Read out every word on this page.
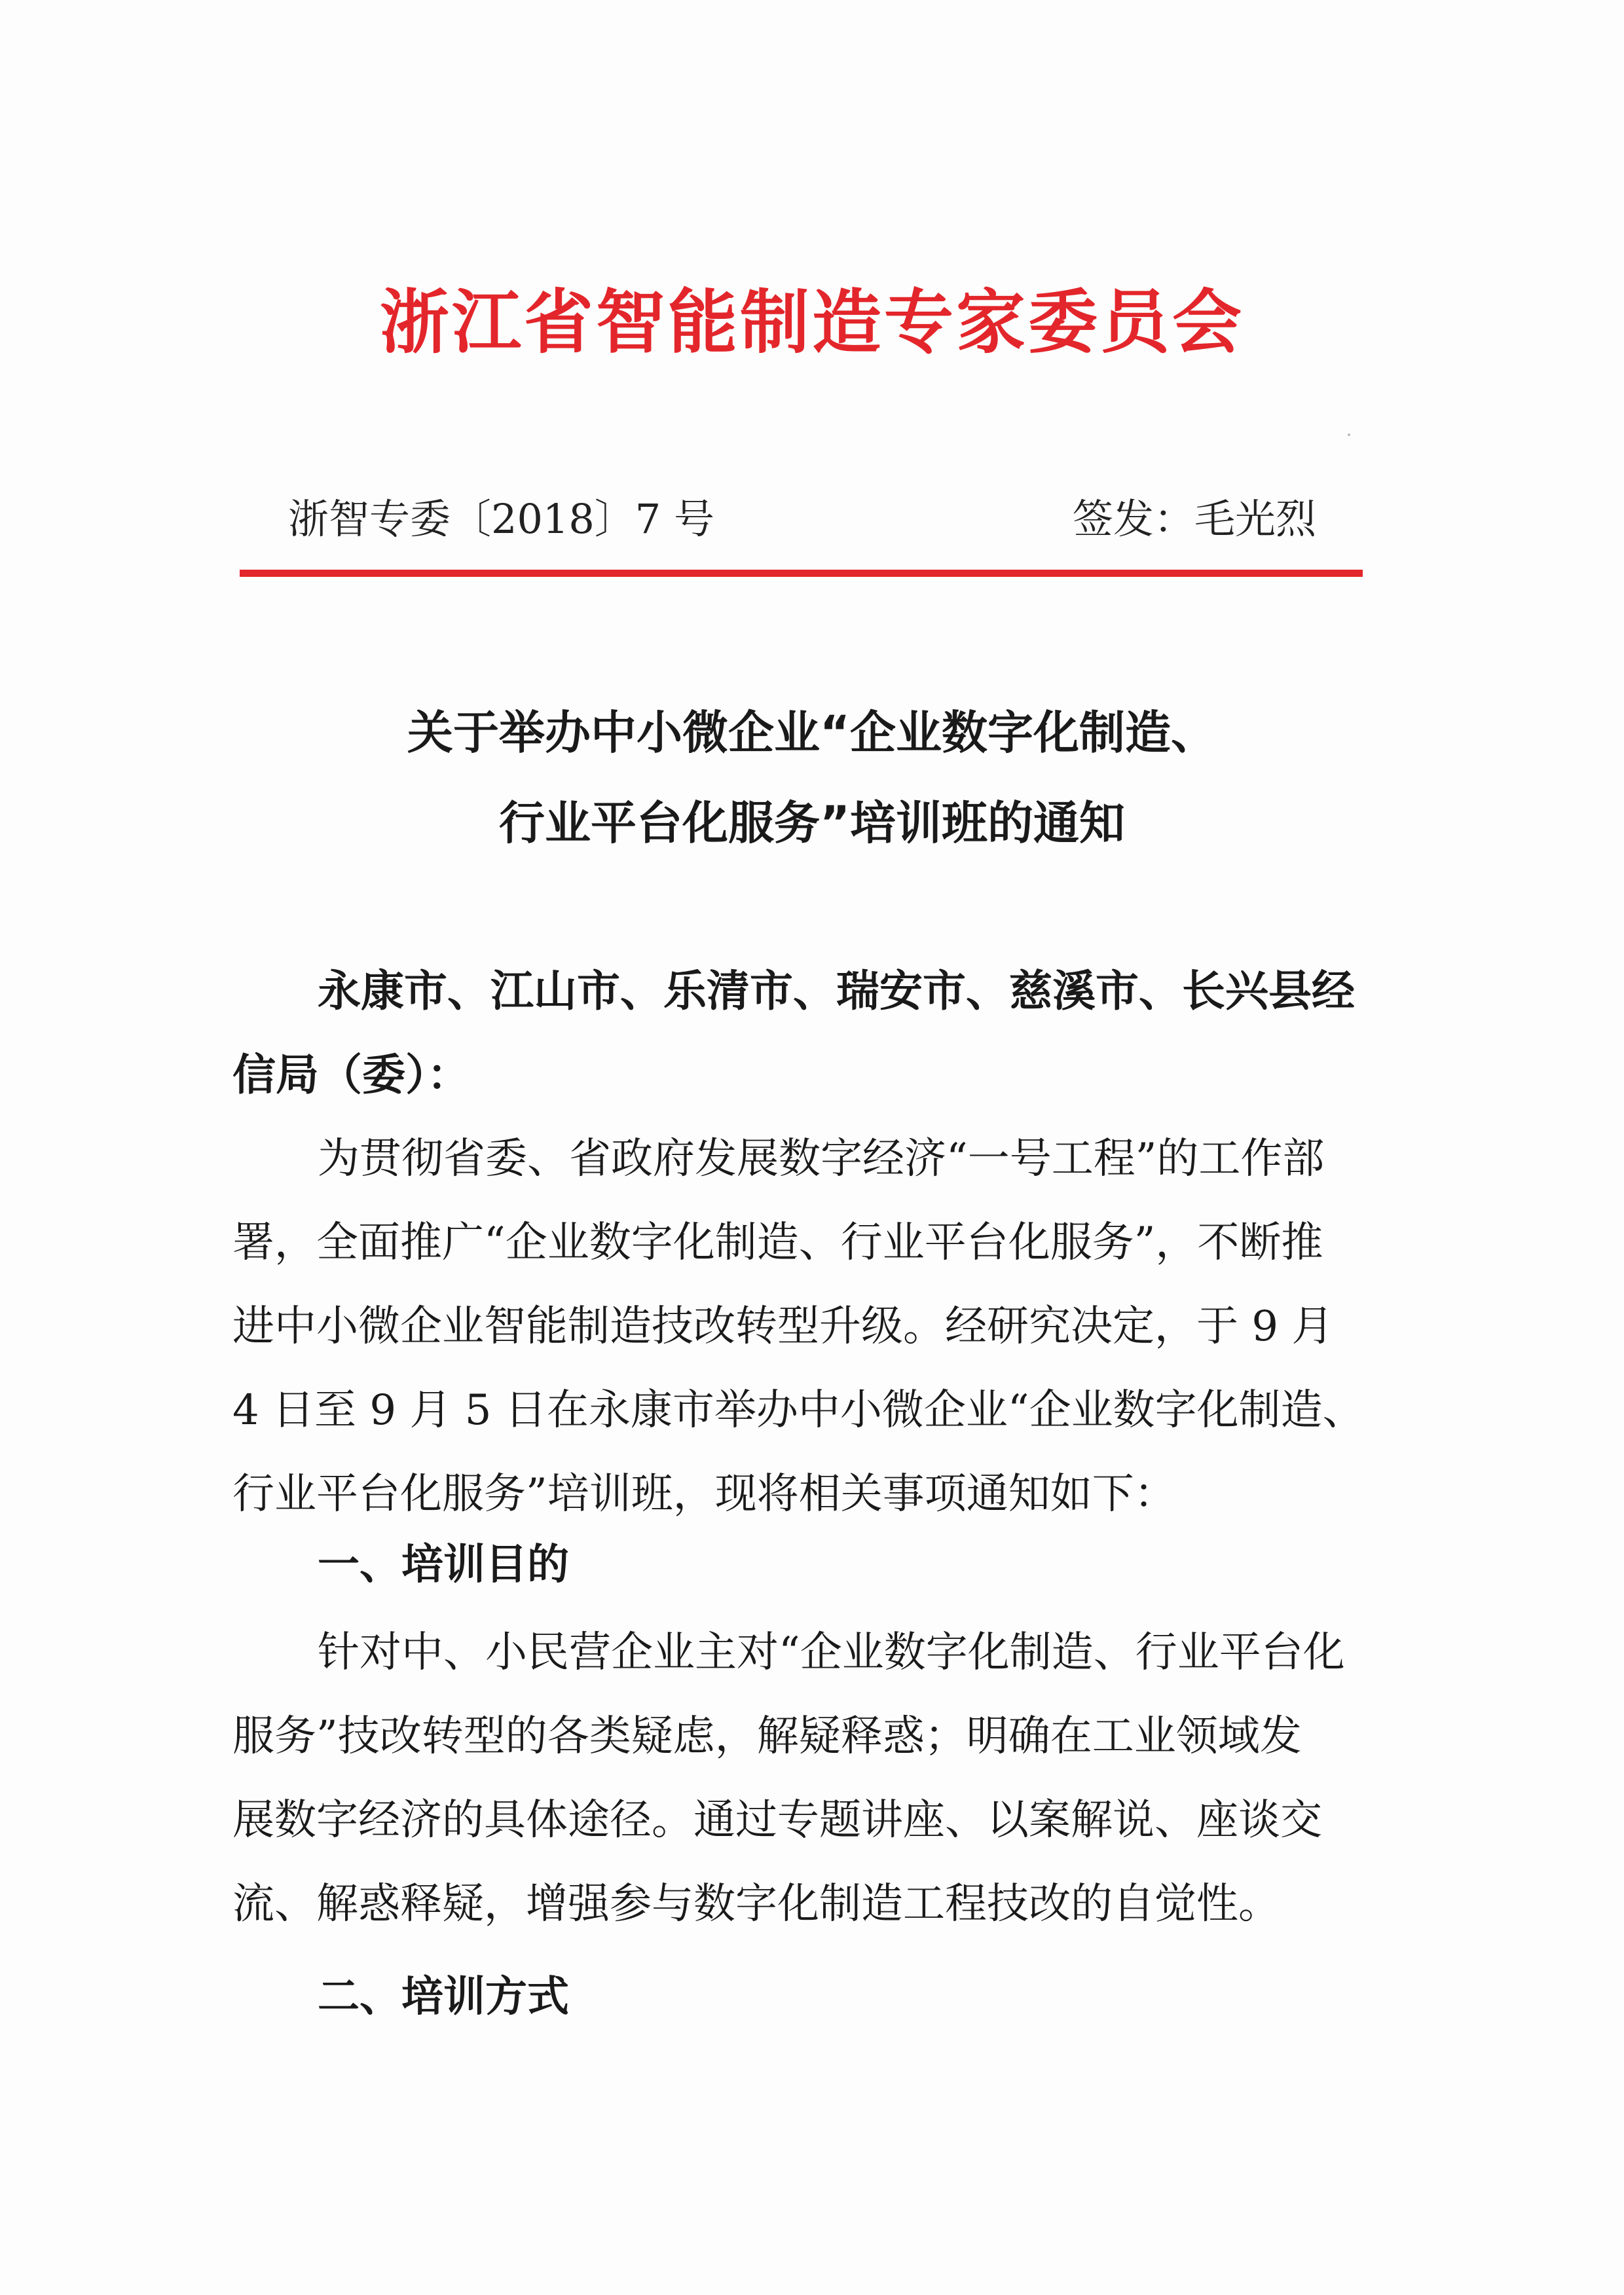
浙江省智能制造专家委员会
浙智专委〔2018〕7 号	签发：毛光烈
关于举办中小微企业“企业数字化制造、
行业平台化服务”培训班的通知
永康市、江山市、乐清市、瑞安市、慈溪市、长兴县经
信局（委）：
为贯彻省委、省政府发展数字经济“一号工程”的工作部
署，全面推广“企业数字化制造、行业平台化服务”，不断推
进中小微企业智能制造技改转型升级。经研究决定，于 9 月
4 日至 9 月 5 日在永康市举办中小微企业“企业数字化制造、
行业平台化服务”培训班，现将相关事项通知如下：
一、培训目的
针对中、小民营企业主对“企业数字化制造、行业平台化
服务”技改转型的各类疑虑，解疑释惑；明确在工业领域发
展数字经济的具体途径。通过专题讲座、以案解说、座谈交
流、解惑释疑，增强参与数字化制造工程技改的自觉性。
二、培训方式
